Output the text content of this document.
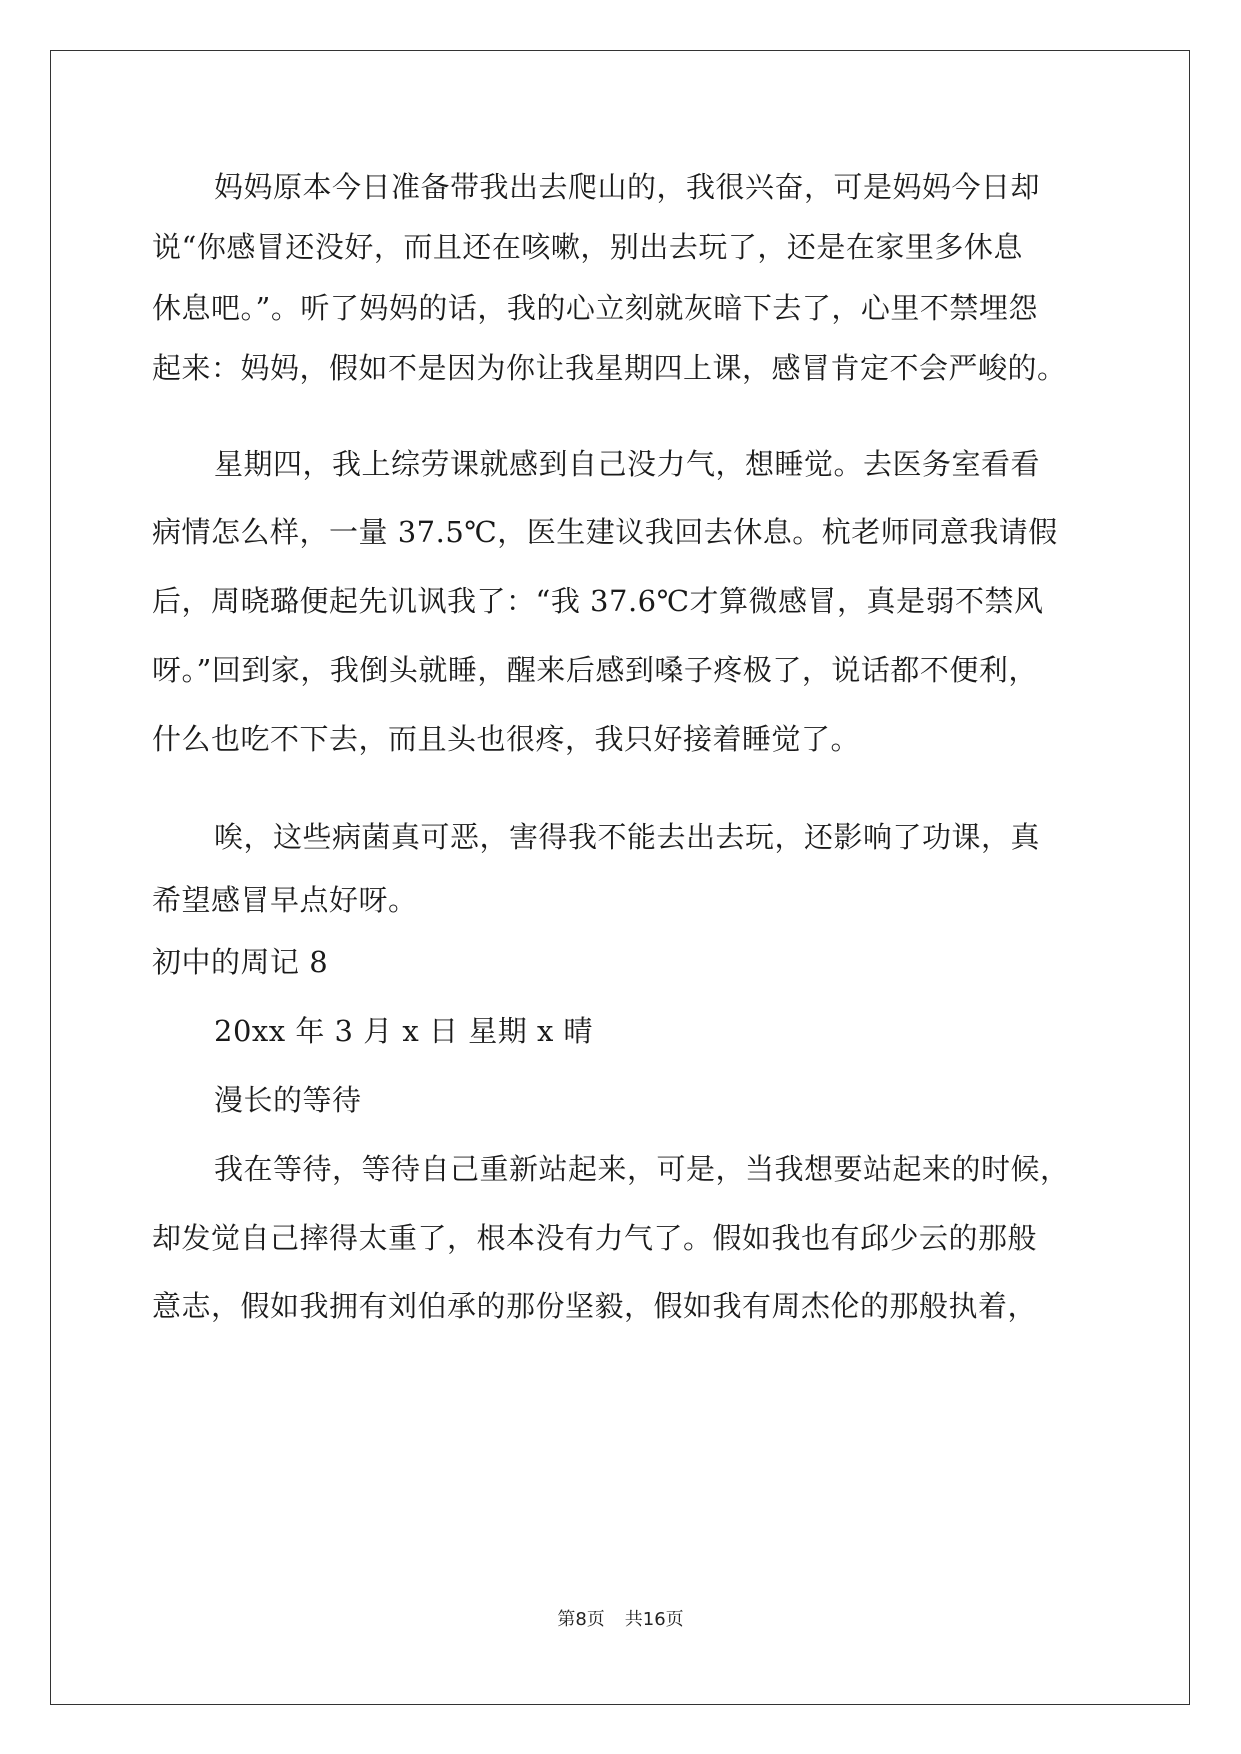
妈妈原本今日准备带我出去爬山的，我很兴奋，可是妈妈今日却
说“你感冒还没好，而且还在咳嗽，别出去玩了，还是在家里多休息
休息吧。”。听了妈妈的话，我的心立刻就灰暗下去了，心里不禁埋怨
起来：妈妈，假如不是因为你让我星期四上课，感冒肯定不会严峻的。
星期四，我上综劳课就感到自己没力气，想睡觉。去医务室看看
病情怎么样，一量 37.5℃，医生建议我回去休息。杭老师同意我请假
后，周晓璐便起先讥讽我了：“我 37.6℃才算微感冒，真是弱不禁风
呀。”回到家，我倒头就睡，醒来后感到嗓子疼极了，说话都不便利，
什么也吃不下去，而且头也很疼，我只好接着睡觉了。
唉，这些病菌真可恶，害得我不能去出去玩，还影响了功课，真
希望感冒早点好呀。
初中的周记 8
20xx 年 3 月 x 日 星期 x 晴
漫长的等待
我在等待，等待自己重新站起来，可是，当我想要站起来的时候，
却发觉自己摔得太重了，根本没有力气了。假如我也有邱少云的那般
意志，假如我拥有刘伯承的那份坚毅，假如我有周杰伦的那般执着，
第8页 共16页
